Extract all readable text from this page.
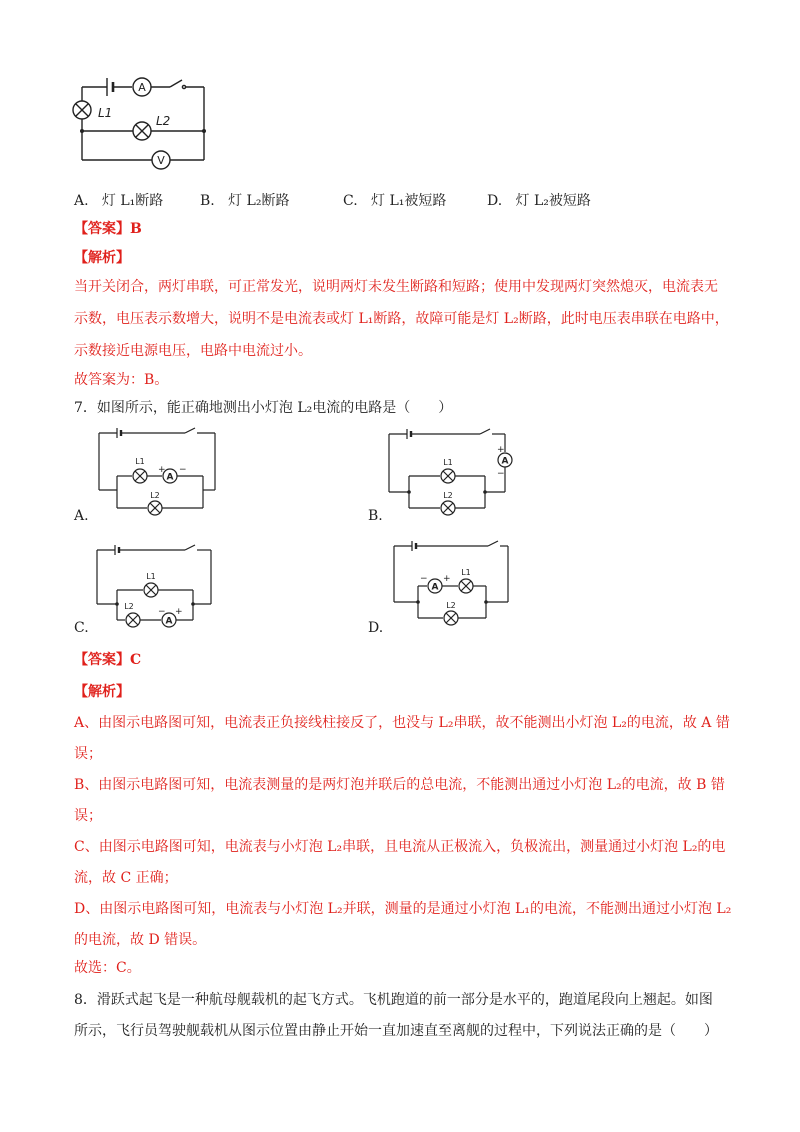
A
V
L1
L2
A. 灯 L₁断路	B. 灯 L₂断路	C. 灯 L₁被短路	D. 灯 L₂被短路
【答案】B
【解析】
当开关闭合，两灯串联，可正常发光，说明两灯未发生断路和短路；使用中发现两灯突然熄灭，电流表无
示数，电压表示数增大，说明不是电流表或灯 L₁断路，故障可能是灯 L₂断路，此时电压表串联在电路中，
示数接近电源电压，电路中电流过小。
故答案为：B。
7．如图所示，能正确地测出小灯泡 L₂电流的电路是（　　）
A
L1
L2
+ −
A
L1
L2
+
−
A.	B.
A
L1
L2
− +
A
L1
L2
− +
C.	D.
【答案】C
【解析】
A、由图示电路图可知，电流表正负接线柱接反了，也没与 L₂串联，故不能测出小灯泡 L₂的电流，故 A 错
误；
B、由图示电路图可知，电流表测量的是两灯泡并联后的总电流，不能测出通过小灯泡 L₂的电流，故 B 错
误；
C、由图示电路图可知，电流表与小灯泡 L₂串联，且电流从正极流入，负极流出，测量通过小灯泡 L₂的电
流，故 C 正确；
D、由图示电路图可知，电流表与小灯泡 L₂并联，测量的是通过小灯泡 L₁的电流，不能测出通过小灯泡 L₂
的电流，故 D 错误。
故选：C。
8．滑跃式起飞是一种航母舰载机的起飞方式。飞机跑道的前一部分是水平的，跑道尾段向上翘起。如图
所示，飞行员驾驶舰载机从图示位置由静止开始一直加速直至离舰的过程中，下列说法正确的是（　　）
